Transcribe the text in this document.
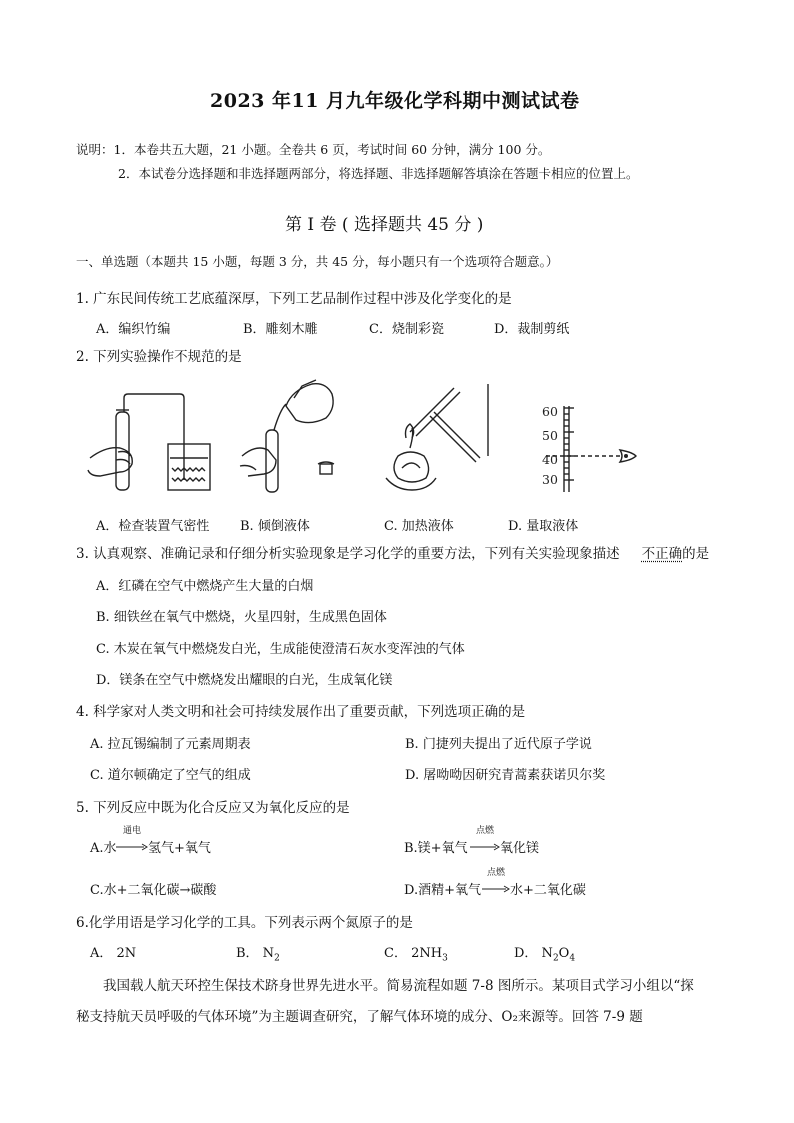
2023 年11 月九年级化学科期中测试试卷
说明：1．本卷共五大题，21 小题。全卷共 6 页，考试时间 60 分钟，满分 100 分。
2．本试卷分选择题和非选择题两部分，将选择题、非选择题解答填涂在答题卡相应的位置上。
第 I 卷 ( 选择题共 45 分 )
一、单选题（本题共 15 小题，每题 3 分，共 45 分，每小题只有一个选项符合题意。）
1. 广东民间传统工艺底蕴深厚，下列工艺品制作过程中涉及化学变化的是
A．编织竹编	B．雕刻木雕	C．烧制彩瓷	D．裁制剪纸
2. 下列实验操作不规范的是
60
50
40
30
A．检查装置气密性 B. 倾倒液体	C. 加热液体	D. 量取液体
3. 认真观察、准确记录和仔细分析实验现象是学习化学的重要方法，下列有关实验现象描述 不正确的是
A．红磷在空气中燃烧产生大量的白烟
B. 细铁丝在氧气中燃烧，火星四射，生成黑色固体
C. 木炭在氧气中燃烧发白光，生成能使澄清石灰水变浑浊的气体
D．镁条在空气中燃烧发出耀眼的白光，生成氧化镁
4. 科学家对人类文明和社会可持续发展作出了重要贡献，下列选项正确的是
A. 拉瓦锡编制了元素周期表	B. 门捷列夫提出了近代原子学说
C. 道尔顿确定了空气的组成	D. 屠呦呦因研究青蒿素获诺贝尔奖
5. 下列反应中既为化合反应又为氧化反应的是
A.水
通电
氢气+氧气	B.镁+氧气
点燃
氧化镁
C.水+二氧化碳→碳酸	D.酒精+氧气
点燃
水+二氧化碳
6.化学用语是学习化学的工具。下列表示两个氮原子的是
A． 2N	B． $N_2$	C． $2NH_3$	D． $N_2O_4$
我国载人航天环控生保技术跻身世界先进水平。简易流程如题 7-8 图所示。某项目式学习小组以“探
秘支持航天员呼吸的气体环境”为主题调查研究，了解气体环境的成分、O₂来源等。回答 7-9 题
